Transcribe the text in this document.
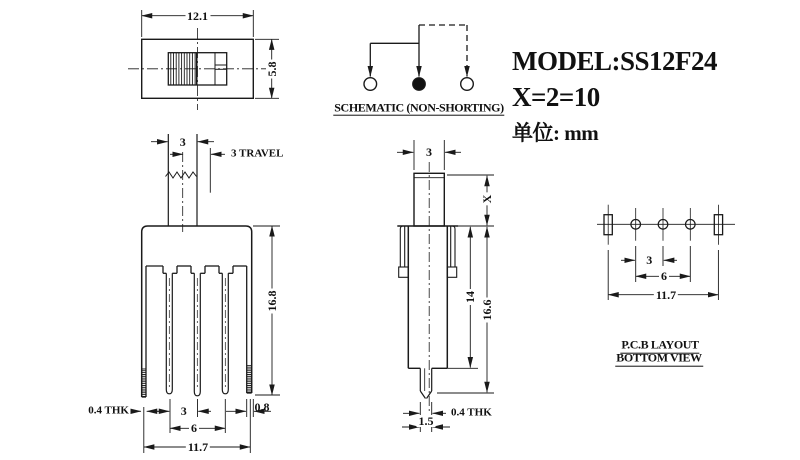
12.1
5.8
3
3 TRAVEL
16.8
0.4 THK	3	0.8
6
11.7
3
X
14
16.6
0.4 THK
1.5
SCHEMATIC (NON-SHORTING)
3
6
11.7
P.C.B LAYOUT
BOTTOM VIEW
MODEL:SS12F24
X=2=10
单位: mm
